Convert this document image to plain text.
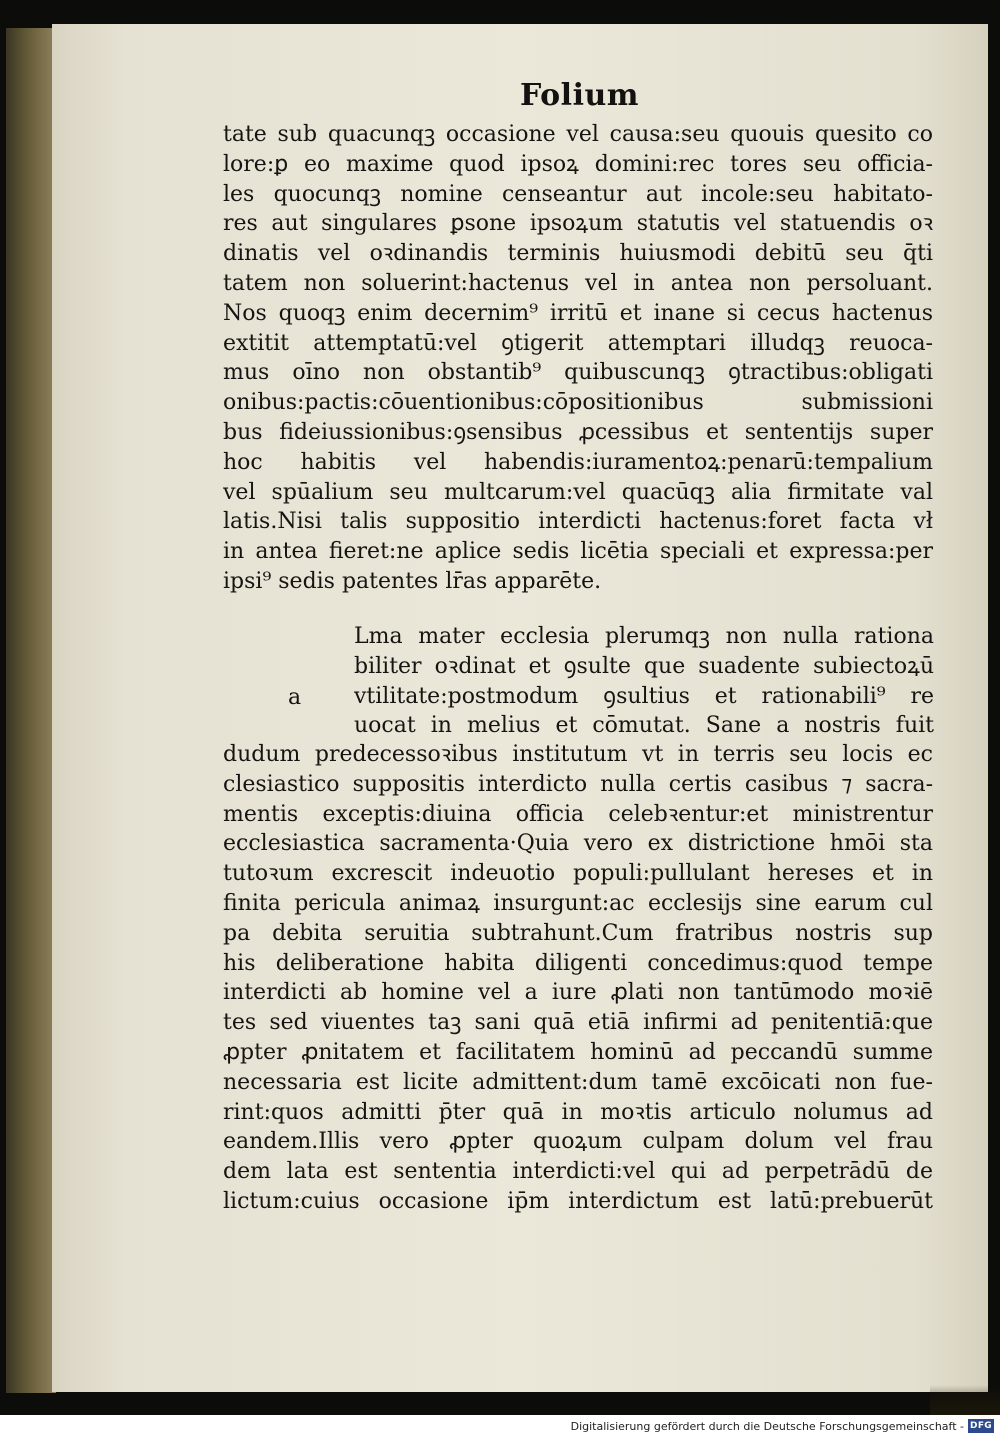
Folium
tate sub quacunqꝫ occasione vel causa:seu quouis quesito co
lore:ꝑ eo maxime quod ipsoꝝ domini:rec tores seu officia-
les quocunqꝫ nomine censeantur aut incole:seu habitato-
res aut singulares ꝑsone ipsoꝝum statutis vel statuendis oꝛ
dinatis vel oꝛdinandis terminis huiusmodi debitū seu q̄ti
tatem non soluerint:hactenus vel in antea non persoluant.
Nos quoqꝫ enim decernim⁹ irritū et inane si cecus hactenus
extitit attemptatū:vel ꝯtigerit attemptari illudqꝫ reuoca-
mus oīno non obstantib⁹ quibuscunqꝫ ꝯtractibus:obligati
onibus:pactis:cōuentionibus:cōpositionibus submissioni
bus fideiussionibus:ꝯsensibus ꝓcessibus et sententijs super
hoc habitis vel habendis:iuramentoꝝ:penarū:tempalium
vel spūalium seu multcarum:vel quacūqꝫ alia firmitate val
latis.Nisi talis suppositio interdicti hactenus:foret facta vł
in antea fieret:ne aplice sedis licētia speciali et expressa:per
ipsi⁹ sedis patentes lr̄as apparēte.
a
Lma mater ecclesia plerumqꝫ non nulla rationa
biliter oꝛdinat et ꝯsulte que suadente subiectoꝝū
vtilitate:postmodum ꝯsultius et rationabili⁹ re
uocat in melius et cōmutat. Sane a nostris fuit
dudum predecessoꝛibus institutum vt in terris seu locis ec
clesiastico suppositis interdicto nulla certis casibus ⁊ sacra-
mentis exceptis:diuina officia celebꝛentur:et ministrentur
ecclesiastica sacramenta·Quia vero ex districtione hmōi sta
tutoꝛum excrescit indeuotio populi:pullulant hereses et in
finita pericula animaꝝ insurgunt:ac ecclesijs sine earum cul
pa debita seruitia subtrahunt.Cum fratribus nostris sup
his deliberatione habita diligenti concedimus:quod tempe
interdicti ab homine vel a iure ꝓlati non tantūmodo moꝛiē
tes sed viuentes taꝫ sani quā etiā infirmi ad penitentiā:que
ꝓpter ꝓnitatem et facilitatem hominū ad peccandū summe
necessaria est licite admittent:dum tamē excōicati non fue-
rint:quos admitti p̄ter quā in moꝛtis articulo nolumus ad
eandem.Illis vero ꝓpter quoꝝum culpam dolum vel frau
dem lata est sententia interdicti:vel qui ad perpetrādū de
lictum:cuius occasione ip̄m interdictum est latū:prebuerūt
Digitalisierung gefördert durch die Deutsche Forschungsgemeinschaft - DFG
